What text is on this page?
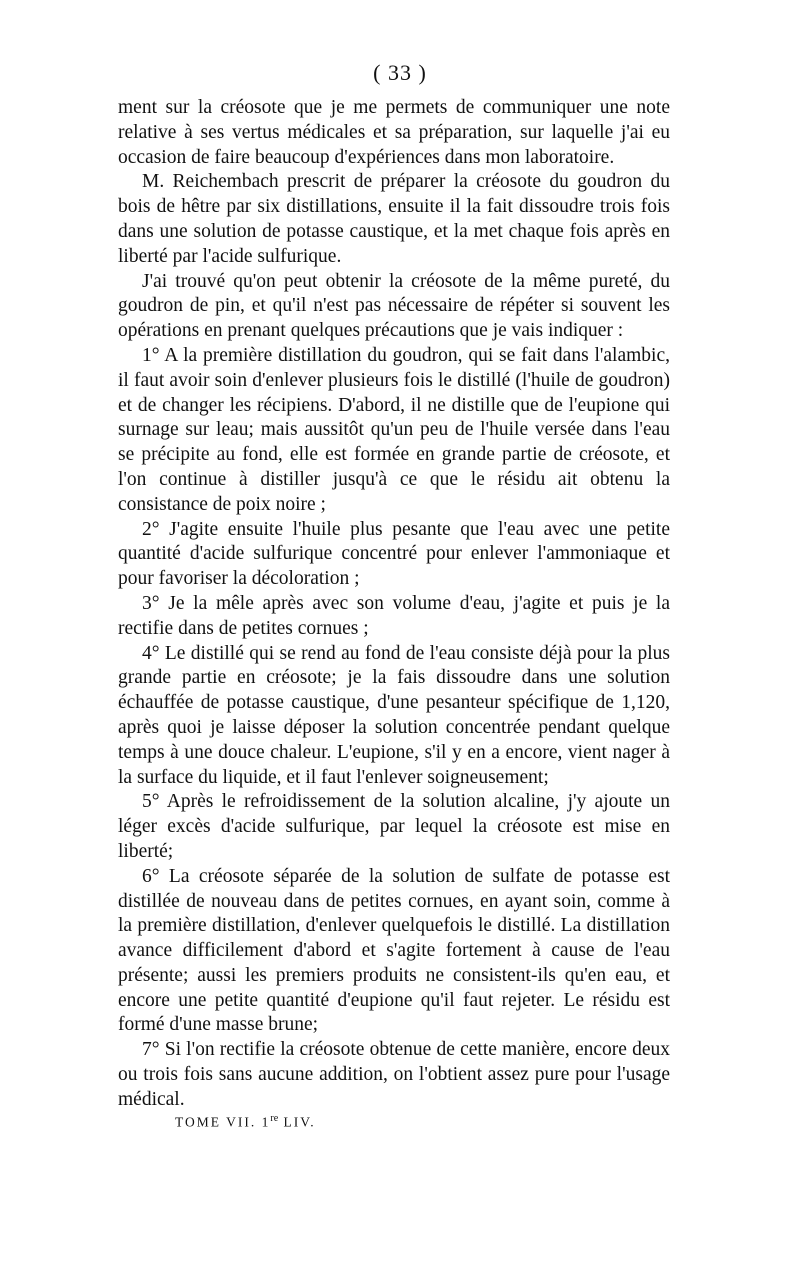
( 33 )

ment sur la créosote que je me permets de communiquer une note relative à ses vertus médicales et sa préparation, sur laquelle j'ai eu occasion de faire beaucoup d'expériences dans mon laboratoire.

M. Reichembach prescrit de préparer la créosote du goudron du bois de hêtre par six distillations, ensuite il la fait dissoudre trois fois dans une solution de potasse caustique, et la met chaque fois après en liberté par l'acide sulfurique.

J'ai trouvé qu'on peut obtenir la créosote de la même pureté, du goudron de pin, et qu'il n'est pas nécessaire de répéter si souvent les opérations en prenant quelques précautions que je vais indiquer :

1° A la première distillation du goudron, qui se fait dans l'alambic, il faut avoir soin d'enlever plusieurs fois le distillé (l'huile de goudron) et de changer les récipiens. D'abord, il ne distille que de l'eupione qui surnage sur leau; mais aussitôt qu'un peu de l'huile versée dans l'eau se précipite au fond, elle est formée en grande partie de créosote, et l'on continue à distiller jusqu'à ce que le résidu ait obtenu la consistance de poix noire ;

2° J'agite ensuite l'huile plus pesante que l'eau avec une petite quantité d'acide sulfurique concentré pour enlever l'ammoniaque et pour favoriser la décoloration ;

3° Je la mêle après avec son volume d'eau, j'agite et puis je la rectifie dans de petites cornues ;

4° Le distillé qui se rend au fond de l'eau consiste déjà pour la plus grande partie en créosote; je la fais dissoudre dans une solution échauffée de potasse caustique, d'une pesanteur spécifique de 1,120, après quoi je laisse déposer la solution concentrée pendant quelque temps à une douce chaleur. L'eupione, s'il y en a encore, vient nager à la surface du liquide, et il faut l'enlever soigneusement;

5° Après le refroidissement de la solution alcaline, j'y ajoute un léger excès d'acide sulfurique, par lequel la créosote est mise en liberté;

6° La créosote séparée de la solution de sulfate de potasse est distillée de nouveau dans de petites cornues, en ayant soin, comme à la première distillation, d'enlever quelquefois le distillé. La distillation avance difficilement d'abord et s'agite fortement à cause de l'eau présente; aussi les premiers produits ne consistent-ils qu'en eau, et encore une petite quantité d'eupione qu'il faut rejeter. Le résidu est formé d'une masse brune;

7° Si l'on rectifie la créosote obtenue de cette manière, encore deux ou trois fois sans aucune addition, on l'obtient assez pure pour l'usage médical.

TOME VII. 1re LIV.
